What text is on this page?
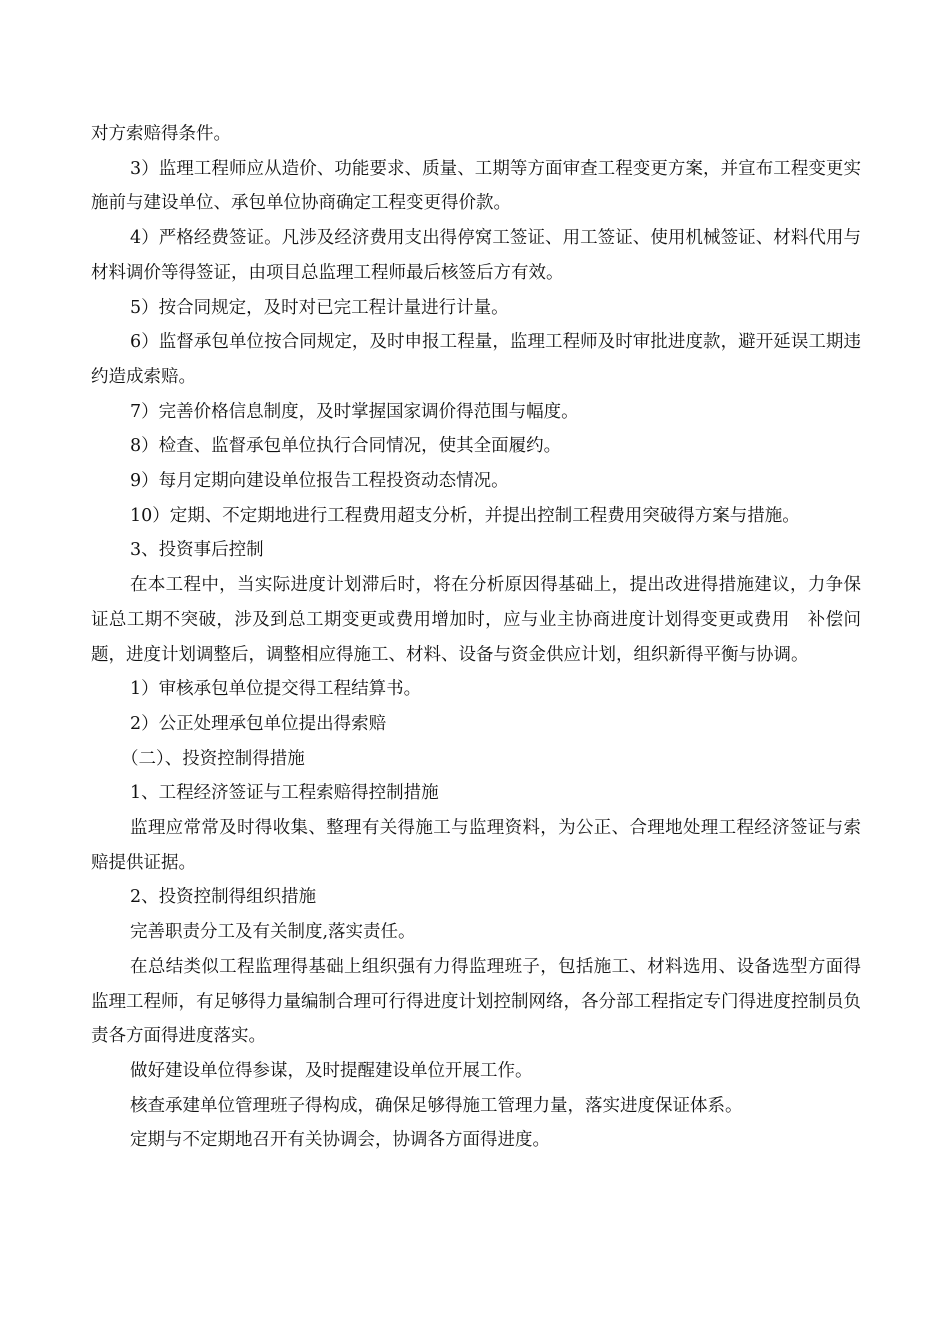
对方索赔得条件。

3）监理工程师应从造价、功能要求、质量、工期等方面审查工程变更方案，并宣布工程变更实施前与建设单位、承包单位协商确定工程变更得价款。

4）严格经费签证。凡涉及经济费用支出得停窝工签证、用工签证、使用机械签证、材料代用与材料调价等得签证，由项目总监理工程师最后核签后方有效。

5）按合同规定，及时对已完工程计量进行计量。

6）监督承包单位按合同规定，及时申报工程量，监理工程师及时审批进度款，避开延误工期违约造成索赔。

7）完善价格信息制度，及时掌握国家调价得范围与幅度。

8）检查、监督承包单位执行合同情况，使其全面履约。

9）每月定期向建设单位报告工程投资动态情况。

10）定期、不定期地进行工程费用超支分析，并提出控制工程费用突破得方案与措施。

3、投资事后控制

在本工程中，当实际进度计划滞后时，将在分析原因得基础上，提出改进得措施建议，力争保证总工期不突破，涉及到总工期变更或费用增加时，应与业主协商进度计划得变更或费用　补偿问题，进度计划调整后，调整相应得施工、材料、设备与资金供应计划，组织新得平衡与协调。

1）审核承包单位提交得工程结算书。

2）公正处理承包单位提出得索赔

（二）、投资控制得措施

1、工程经济签证与工程索赔得控制措施

监理应常常及时得收集、整理有关得施工与监理资料，为公正、合理地处理工程经济签证与索赔提供证据。

2、投资控制得组织措施

完善职责分工及有关制度,落实责任。

在总结类似工程监理得基础上组织强有力得监理班子，包括施工、材料选用、设备选型方面得监理工程师，有足够得力量编制合理可行得进度计划控制网络，各分部工程指定专门得进度控制员负责各方面得进度落实。

做好建设单位得参谋，及时提醒建设单位开展工作。

核查承建单位管理班子得构成，确保足够得施工管理力量，落实进度保证体系。

定期与不定期地召开有关协调会，协调各方面得进度。
